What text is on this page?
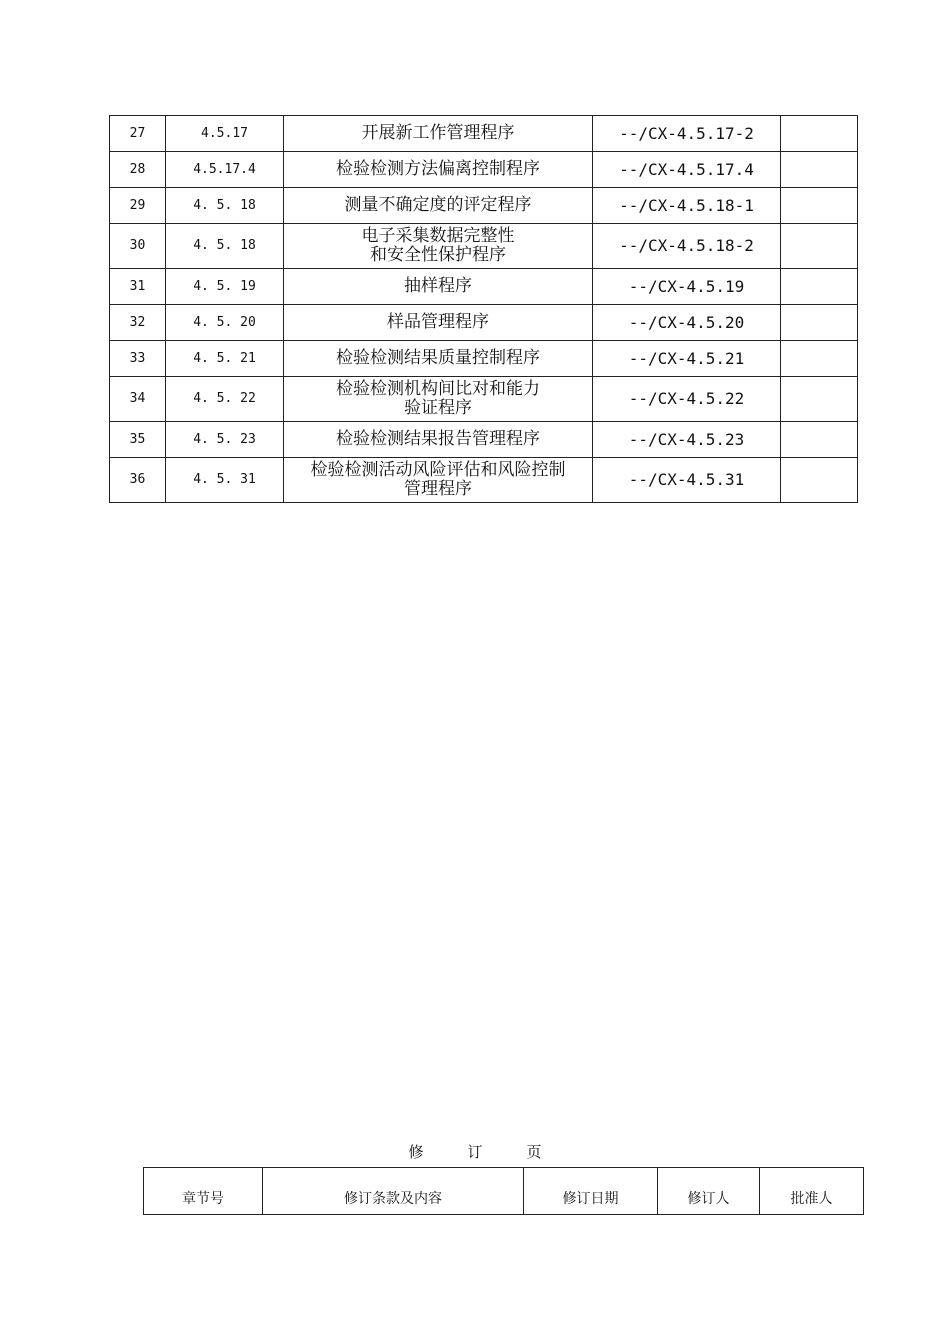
27	4.5.17	开展新工作管理程序	--/CX-4.5.17-2	
28	4.5.17.4	检验检测方法偏离控制程序	--/CX-4.5.17.4	
29	4. 5. 18	测量不确定度的评定程序	--/CX-4.5.18-1	
30	4. 5. 18	电子采集数据完整性
和安全性保护程序	--/CX-4.5.18-2	
31	4. 5. 19	抽样程序	--/CX-4.5.19	
32	4. 5. 20	样品管理程序	--/CX-4.5.20	
33	4. 5. 21	检验检测结果质量控制程序	--/CX-4.5.21	
34	4. 5. 22	检验检测机构间比对和能力
验证程序	--/CX-4.5.22	
35	4. 5. 23	检验检测结果报告管理程序	--/CX-4.5.23	
36	4. 5. 31	检验检测活动风险评估和风险控制
管理程序	--/CX-4.5.31	
修	订	页
章节号	修订条款及内容	修订日期	修订人	批准人
